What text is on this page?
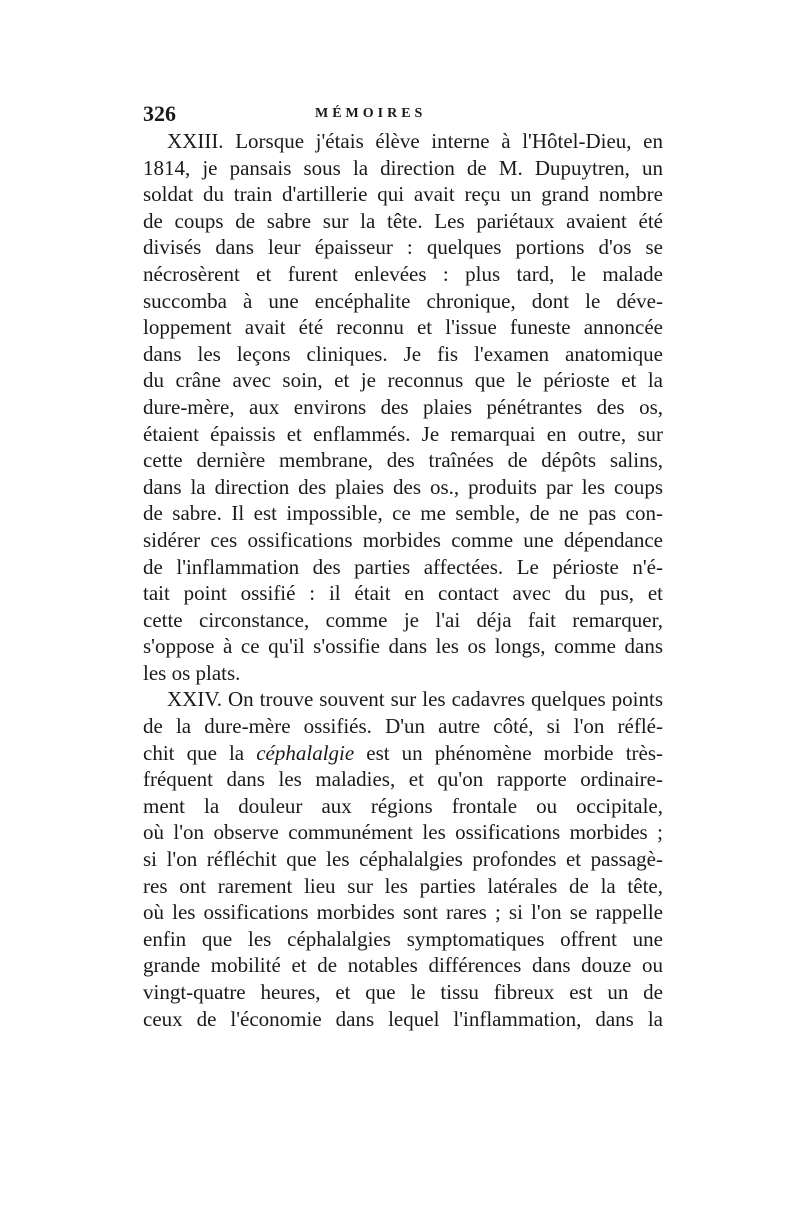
326	MÉMOIRES
XXIII. Lorsque j'étais élève interne à l'Hôtel-Dieu, en
1814, je pansais sous la direction de M. Dupuytren, un
soldat du train d'artillerie qui avait reçu un grand nombre
de coups de sabre sur la tête. Les pariétaux avaient été
divisés dans leur épaisseur : quelques portions d'os se
nécrosèrent et furent enlevées : plus tard, le malade
succomba à une encéphalite chronique, dont le déve-
loppement avait été reconnu et l'issue funeste annoncée
dans les leçons cliniques. Je fis l'examen anatomique
du crâne avec soin, et je reconnus que le périoste et la
dure-mère, aux environs des plaies pénétrantes des os,
étaient épaissis et enflammés. Je remarquai en outre, sur
cette dernière membrane, des traînées de dépôts salins,
dans la direction des plaies des os., produits par les coups
de sabre. Il est impossible, ce me semble, de ne pas con-
sidérer ces ossifications morbides comme une dépendance
de l'inflammation des parties affectées. Le périoste n'é-
tait point ossifié : il était en contact avec du pus, et
cette circonstance, comme je l'ai déja fait remarquer,
s'oppose à ce qu'il s'ossifie dans les os longs, comme dans
les os plats.
XXIV. On trouve souvent sur les cadavres quelques points
de la dure-mère ossifiés. D'un autre côté, si l'on réflé-
chit que la céphalalgie est un phénomène morbide très-
fréquent dans les maladies, et qu'on rapporte ordinaire-
ment la douleur aux régions frontale ou occipitale,
où l'on observe communément les ossifications morbides ;
si l'on réfléchit que les céphalalgies profondes et passagè-
res ont rarement lieu sur les parties latérales de la tête,
où les ossifications morbides sont rares ; si l'on se rappelle
enfin que les céphalalgies symptomatiques offrent une
grande mobilité et de notables différences dans douze ou
vingt-quatre heures, et que le tissu fibreux est un de
ceux de l'économie dans lequel l'inflammation, dans la
